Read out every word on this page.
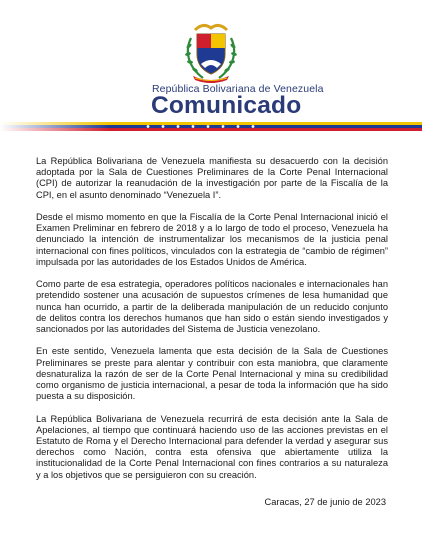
República Bolivariana de Venezuela
Comunicado

La República Bolivariana de Venezuela manifiesta su desacuerdo con la decisión adoptada por la Sala de Cuestiones Preliminares de la Corte Penal Internacional (CPI) de autorizar la reanudación de la investigación por parte de la Fiscalía de la CPI, en el asunto denominado “Venezuela I”.

Desde el mismo momento en que la Fiscalía de la Corte Penal Internacional inició el Examen Preliminar en febrero de 2018 y a lo largo de todo el proceso, Venezuela ha denunciado la intención de instrumentalizar los mecanismos de la justicia penal internacional con fines políticos, vinculados con la estrategia de “cambio de régimen” impulsada por las autoridades de los Estados Unidos de América.

Como parte de esa estrategia, operadores políticos nacionales e internacionales han pretendido sostener una acusación de supuestos crímenes de lesa humanidad que nunca han ocurrido, a partir de la deliberada manipulación de un reducido conjunto de delitos contra los derechos humanos que han sido o están siendo investigados y sancionados por las autoridades del Sistema de Justicia venezolano.

En este sentido, Venezuela lamenta que esta decisión de la Sala de Cuestiones Preliminares se preste para alentar y contribuir con esta maniobra, que claramente desnaturaliza la razón de ser de la Corte Penal Internacional y mina su credibilidad como organismo de justicia internacional, a pesar de toda la información que ha sido puesta a su disposición.

La República Bolivariana de Venezuela recurrirá de esta decisión ante la Sala de Apelaciones, al tiempo que continuará haciendo uso de las acciones previstas en el Estatuto de Roma y el Derecho Internacional para defender la verdad y asegurar sus derechos como Nación, contra esta ofensiva que abiertamente utiliza la institucionalidad de la Corte Penal Internacional con fines contrarios a su naturaleza y a los objetivos que se persiguieron con su creación.

Caracas, 27 de junio de 2023
